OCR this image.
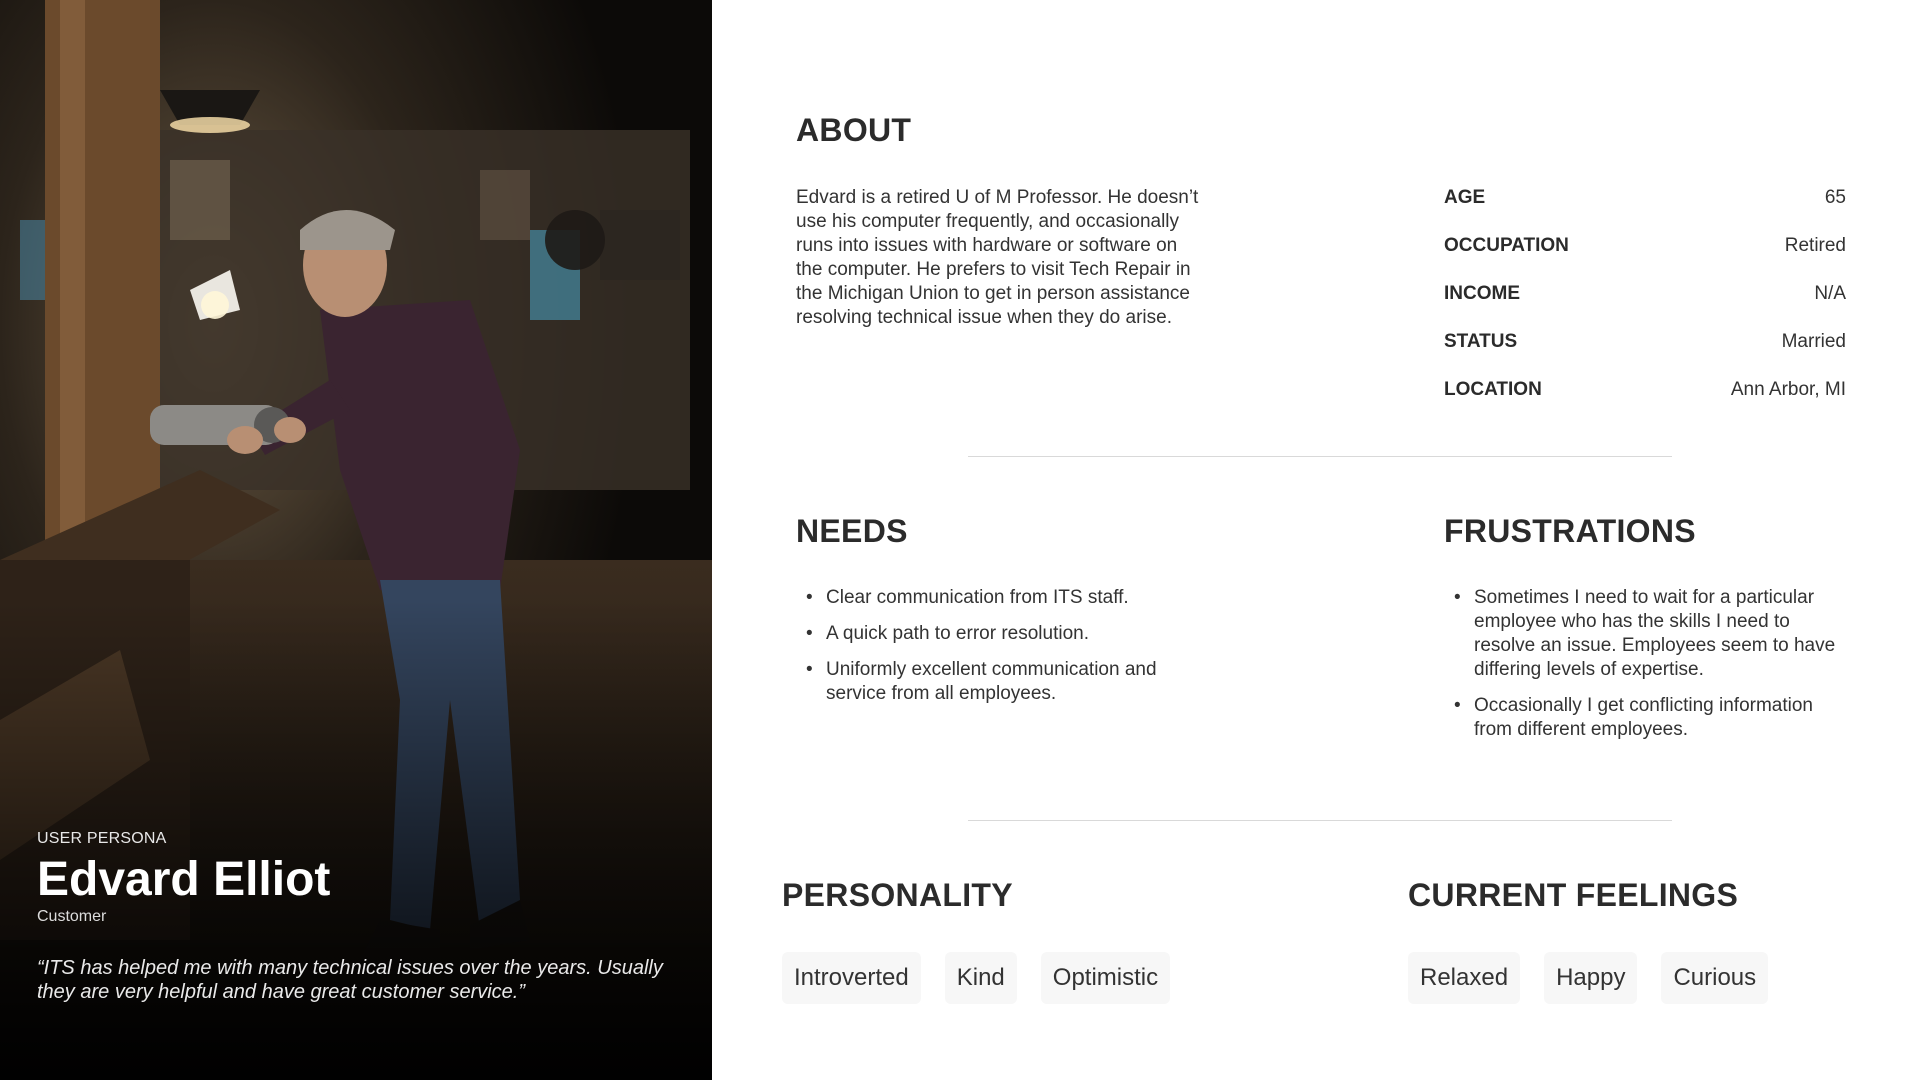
USER PERSONA
Edvard Elliot
Customer
“ITS has helped me with many technical issues over the years. Usually they are very helpful and have great customer service.”
ABOUT
Edvard is a retired U of M Professor. He doesn’t use his computer frequently, and occasionally runs into issues with hardware or software on the computer. He prefers to visit Tech Repair in the Michigan Union to get in person assistance resolving technical issue when they do arise.
AGE	65
OCCUPATION	Retired
INCOME	N/A
STATUS	Married
LOCATION	Ann Arbor, MI
NEEDS
• Clear communication from ITS staff.
• A quick path to error resolution.
• Uniformly excellent communication and service from all employees.
FRUSTRATIONS
• Sometimes I need to wait for a particular employee who has the skills I need to resolve an issue. Employees seem to have differing levels of expertise.
• Occasionally I get conflicting information from different employees.
PERSONALITY
Introverted	Kind	Optimistic
CURRENT FEELINGS
Relaxed	Happy	Curious
